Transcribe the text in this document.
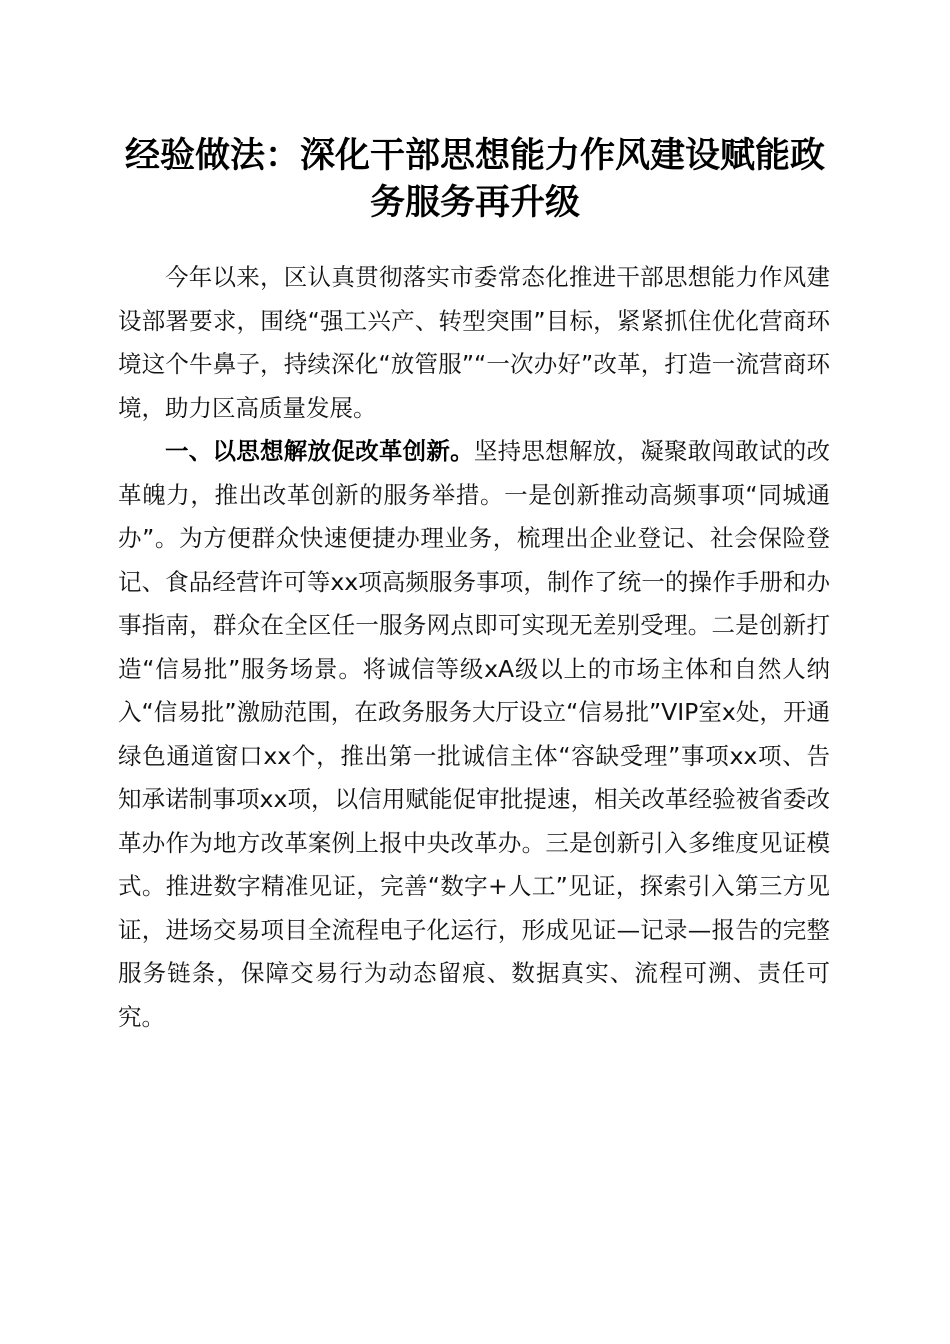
经验做法：深化干部思想能力作风建设赋能政务服务再升级

今年以来，区认真贯彻落实市委常态化推进干部思想能力作风建设部署要求，围绕“强工兴产、转型突围”目标，紧紧抓住优化营商环境这个牛鼻子，持续深化“放管服”“一次办好”改革，打造一流营商环境，助力区高质量发展。

一、以思想解放促改革创新。坚持思想解放，凝聚敢闯敢试的改革魄力，推出改革创新的服务举措。一是创新推动高频事项“同城通办”。为方便群众快速便捷办理业务，梳理出企业登记、社会保险登记、食品经营许可等xx项高频服务事项，制作了统一的操作手册和办事指南，群众在全区任一服务网点即可实现无差别受理。二是创新打造“信易批”服务场景。将诚信等级xA级以上的市场主体和自然人纳入“信易批”激励范围，在政务服务大厅设立“信易批”VIP室x处，开通绿色通道窗口xx个，推出第一批诚信主体“容缺受理”事项xx项、告知承诺制事项xx项，以信用赋能促审批提速，相关改革经验被省委改革办作为地方改革案例上报中央改革办。三是创新引入多维度见证模式。推进数字精准见证，完善“数字+人工”见证，探索引入第三方见证，进场交易项目全流程电子化运行，形成见证—记录—报告的完整服务链条，保障交易行为动态留痕、数据真实、流程可溯、责任可究。
